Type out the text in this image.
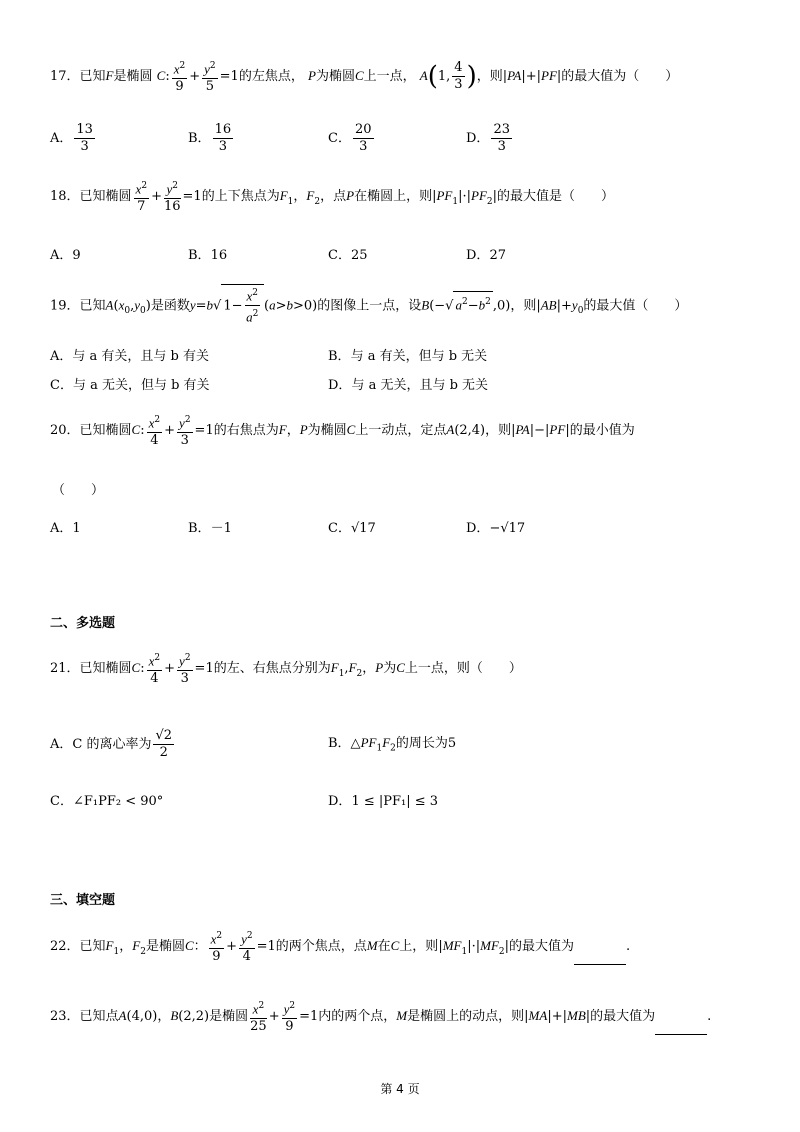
17．已知F是椭圆 C: $\frac{x^2}{9} + \frac{y^2}{5} =1$的左焦点， P为椭圆C上一点， A(1, $\frac{4}{3}$ )，则|PA|+|PF|的最大值为（　　）
A． $\frac{13}{3}$	B． $\frac{16}{3}$	C． $\frac{20}{3}$	D． $\frac{23}{3}$
18．已知椭圆 $\frac{x^2}{7} + \frac{y^2}{16} =1$的上下焦点为$F_1$，$F_2$，点P在椭圆上，则$|PF_1|\cdot|PF_2|$的最大值是（　　）
A．9	B．16	C．25	D．27
19．已知$A(x_0,y_0)$是函数y=b√ $1- \frac{x^2}{a^2} (a>b>0)$的图像上一点，设B(−√ $a^2-b^2$ ,0)，则$|AB|+y_0$的最大值（　　）
A．与 a 有关，且与 b 有关	B．与 a 有关，但与 b 无关
C．与 a 无关，但与 b 有关	D．与 a 无关，且与 b 无关
20．已知椭圆C: $\frac{x^2}{4} + \frac{y^2}{3} =1$的右焦点为F，P为椭圆C上一动点，定点A(2,4)，则|PA|−|PF|的最小值为
（　　）
A．1	B．－1	C．√17	D．−√17
二、多选题
21．已知椭圆C: $\frac{x^2}{4} + \frac{y^2}{3} =1$的左、右焦点分别为$F_1,F_2$，P为C上一点，则（　　）
A．C 的离心率为 $\frac{√2}{2}$	B．$\triangle PF_1F_2$的周长为5
C．∠F₁PF₂ < 90°	D．1 ≤ |PF₁| ≤ 3
三、填空题
22．已知$F_1$，$F_2$是椭圆C： $\frac{x^2}{9} + \frac{y^2}{4} =1$的两个焦点，点M在C上，则$|MF_1|\cdot|MF_2|$的最大值为	.
23．已知点A(4,0)，B(2,2)是椭圆 $\frac{x^2}{25} + \frac{y^2}{9} =1$内的两个点，M是椭圆上的动点，则|MA|+|MB|的最大值为	.
第 4 页
